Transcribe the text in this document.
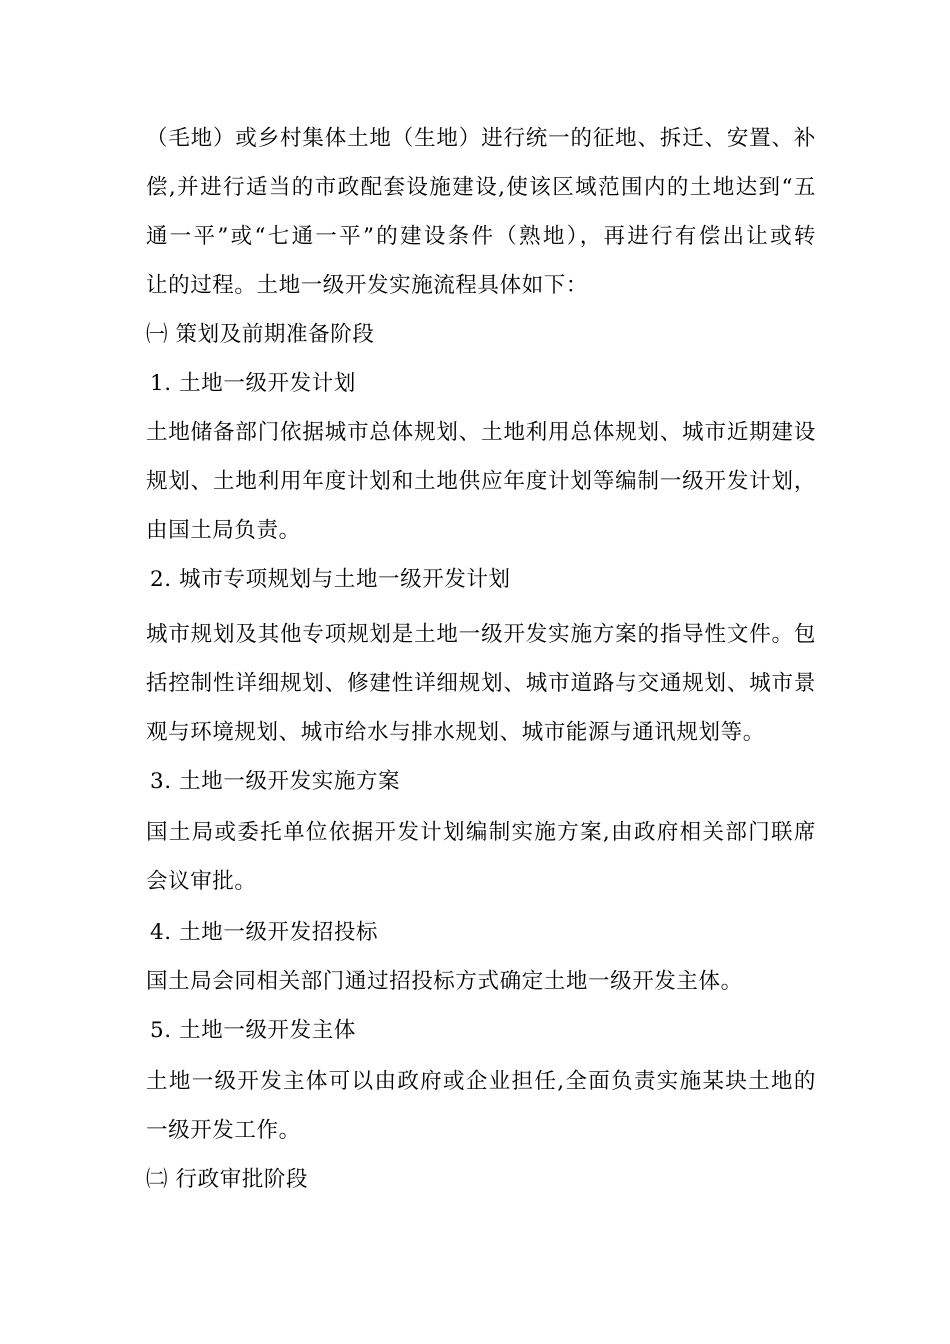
（毛地）或乡村集体土地（生地）进行统一的征地、拆迁、安置、补
偿,并进行适当的市政配套设施建设,使该区域范围内的土地达到“五
通一平”或“七通一平”的建设条件（熟地），再进行有偿出让或转
让的过程。土地一级开发实施流程具体如下：
㈠ 策划及前期准备阶段
1. 土地一级开发计划
土地储备部门依据城市总体规划、土地利用总体规划、城市近期建设
规划、土地利用年度计划和土地供应年度计划等编制一级开发计划，
由国土局负责。
2. 城市专项规划与土地一级开发计划
城市规划及其他专项规划是土地一级开发实施方案的指导性文件。包
括控制性详细规划、修建性详细规划、城市道路与交通规划、城市景
观与环境规划、城市给水与排水规划、城市能源与通讯规划等。
3. 土地一级开发实施方案
国土局或委托单位依据开发计划编制实施方案,由政府相关部门联席
会议审批。
4. 土地一级开发招投标
国土局会同相关部门通过招投标方式确定土地一级开发主体。
5. 土地一级开发主体
土地一级开发主体可以由政府或企业担任,全面负责实施某块土地的
一级开发工作。
㈡ 行政审批阶段
